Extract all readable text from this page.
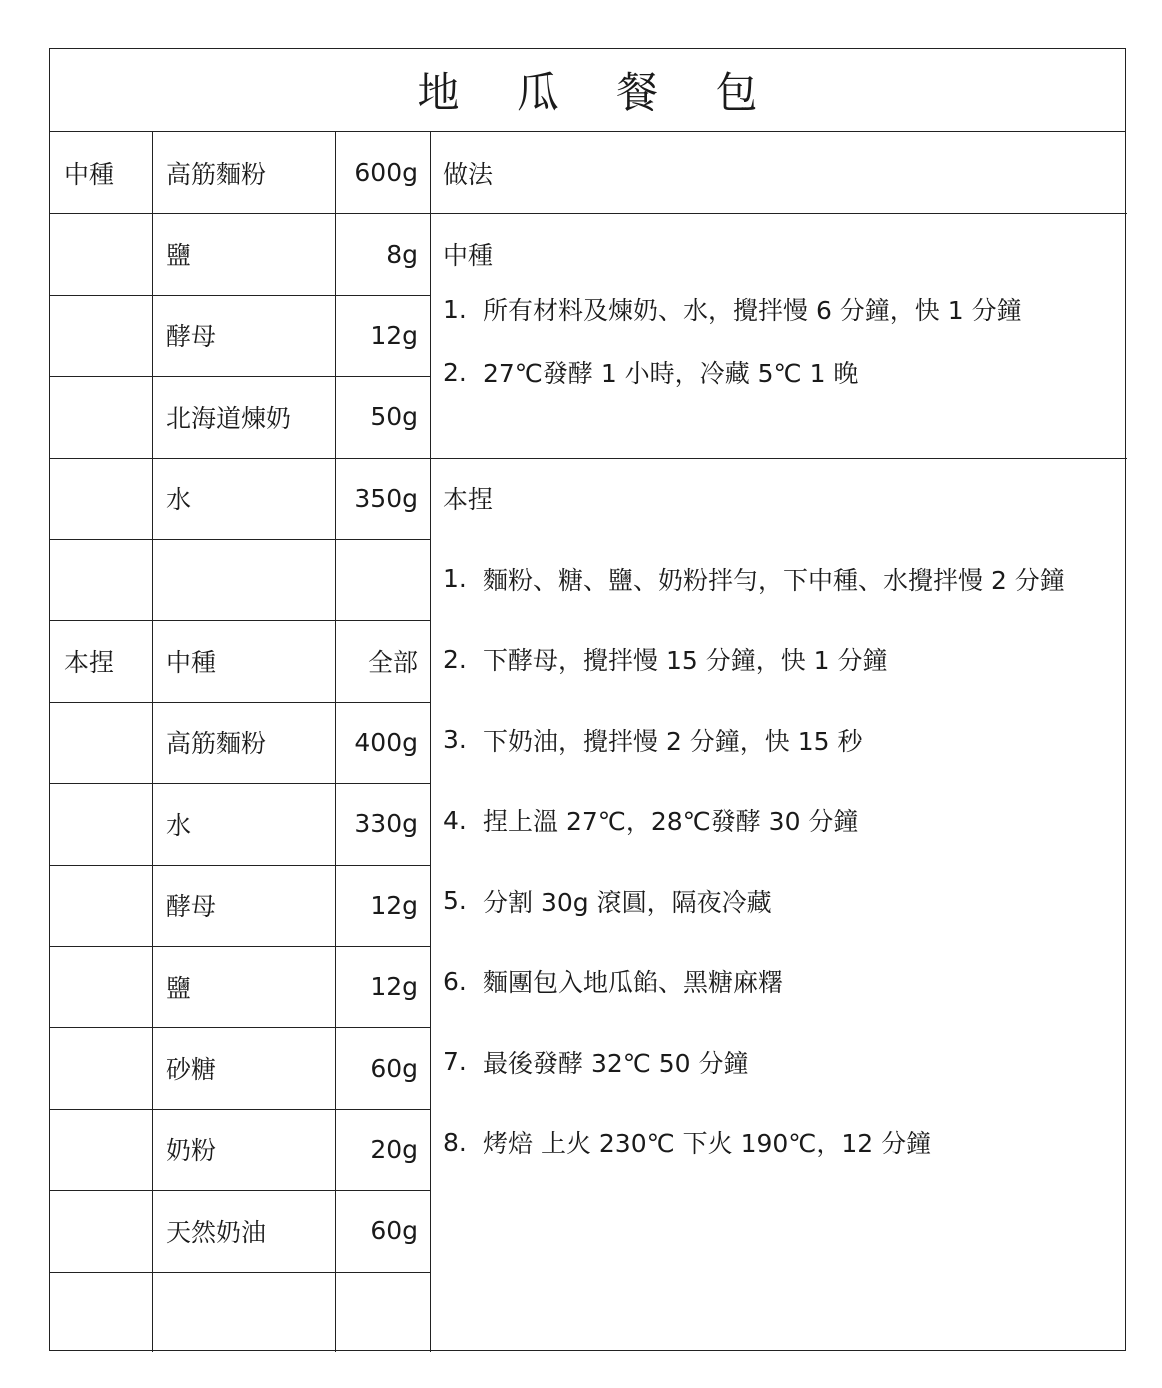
地 瓜 餐 包
做法
中種
1. 所有材料及煉奶、水，攪拌慢 6 分鐘，快 1 分鐘
2. 27℃發酵 1 小時，冷藏 5℃ 1 晚
本捏
1. 麵粉、糖、鹽、奶粉拌勻，下中種、水攪拌慢 2 分鐘
2. 下酵母，攪拌慢 15 分鐘，快 1 分鐘
3. 下奶油，攪拌慢 2 分鐘，快 15 秒
4. 捏上溫 27℃，28℃發酵 30 分鐘
5. 分割 30g 滾圓，隔夜冷藏
6. 麵團包入地瓜餡、黑糖麻糬
7. 最後發酵 32℃ 50 分鐘
8. 烤焙 上火 230℃ 下火 190℃，12 分鐘
中種	高筋麵粉	600g
鹽	8g
酵母	12g
北海道煉奶	50g
水	350g
本捏	中種	全部
高筋麵粉	400g
水	330g
酵母	12g
鹽	12g
砂糖	60g
奶粉	20g
天然奶油	60g
